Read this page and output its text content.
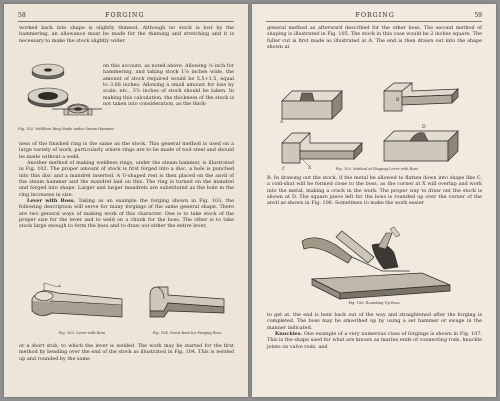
58	FORGING

worked back into shape is slightly thinned. Although no stock is lost by the hammering, an allowance must be made for the thinning and stretching and it is necessary to make the stock slightly wider

Fig. 102. Weldless Ring Made under Steam Hammer

on this account, as noted above. Allowing ⅛ inch for hammering, and taking stock 1⅝ inches wide, the amount of stock required would be 5.5+1.5, equal to 3.66 inches. Allowing a small amount for loss by scale, etc., 3⅞ inches of stock should be taken. In making this calculation, the thickness of the stock is not taken into consideration, as the thick-

ness of the finished ring is the same as the stock. This general method is used on a large variety of work, particularly where rings are to be made of tool steel and should be made without a weld.

Another method of making weldless rings, under the steam hammer, is illustrated in Fig. 102. The proper amount of stock is first forged into a disc, a hole is punched into this disc and a mandrel inserted. A U-shaped rest is then placed on the anvil of the steam hammer and the mandrel laid on this. The ring is turned on the mandrel and forged into shape. Larger and larger mandrels are substituted as the hole in the ring increases in size.

Lever with Boss. Taking as an example the forging shown in Fig. 103, the following description will serve for many forgings of the same general shape. There are two general ways of making work of this character. One is to take stock of the proper size for the lever and to weld on a chunk for the boss. The other is to take stock large enough to form the boss and to draw out either the entire lever,

A
Fig. 103. Lever with Boss	Fig. 104. Stock Bent for Forging Boss

or a short stub, to which the lever is welded. The work may be started for the first method by bending over the end of the stock as illustrated in Fig. 104. This is welded up and rounded by the same

FORGING	59

general method as afterward described for the other boss. The second method of shaping is illustrated in Fig. 105. The stock in this case would be 2 inches square. The fuller cut is first made as illustrated at A. The end is then drawn out into the shape shown at

A
B
C	X
D
Fig. 105. Method of Shaping Lever with Boss

B. In drawing out the stock, if the metal be allowed to flatten down into shape like C, a cold-shut will be formed close to the boss, as the corner at X will overlap and work into the metal, making a crack in the work. The proper way to draw out the stock is shown at D. The square piece left for the boss is rounded up over the corner of the anvil as shown in Fig. 106. Sometimes to make the work easier

Fig. 106. Rounding-Up Boss

to get at, the end is bent back out of the way and straightened after the forging is completed. The boss may be smoothed up by using a set hammer or swage in the manner indicated.

Knuckles. One example of a very numerous class of forgings is shown in Fig. 107. This is the shape used for what are known as marine ends of connecting rods, knuckle joints on valve rods, and
